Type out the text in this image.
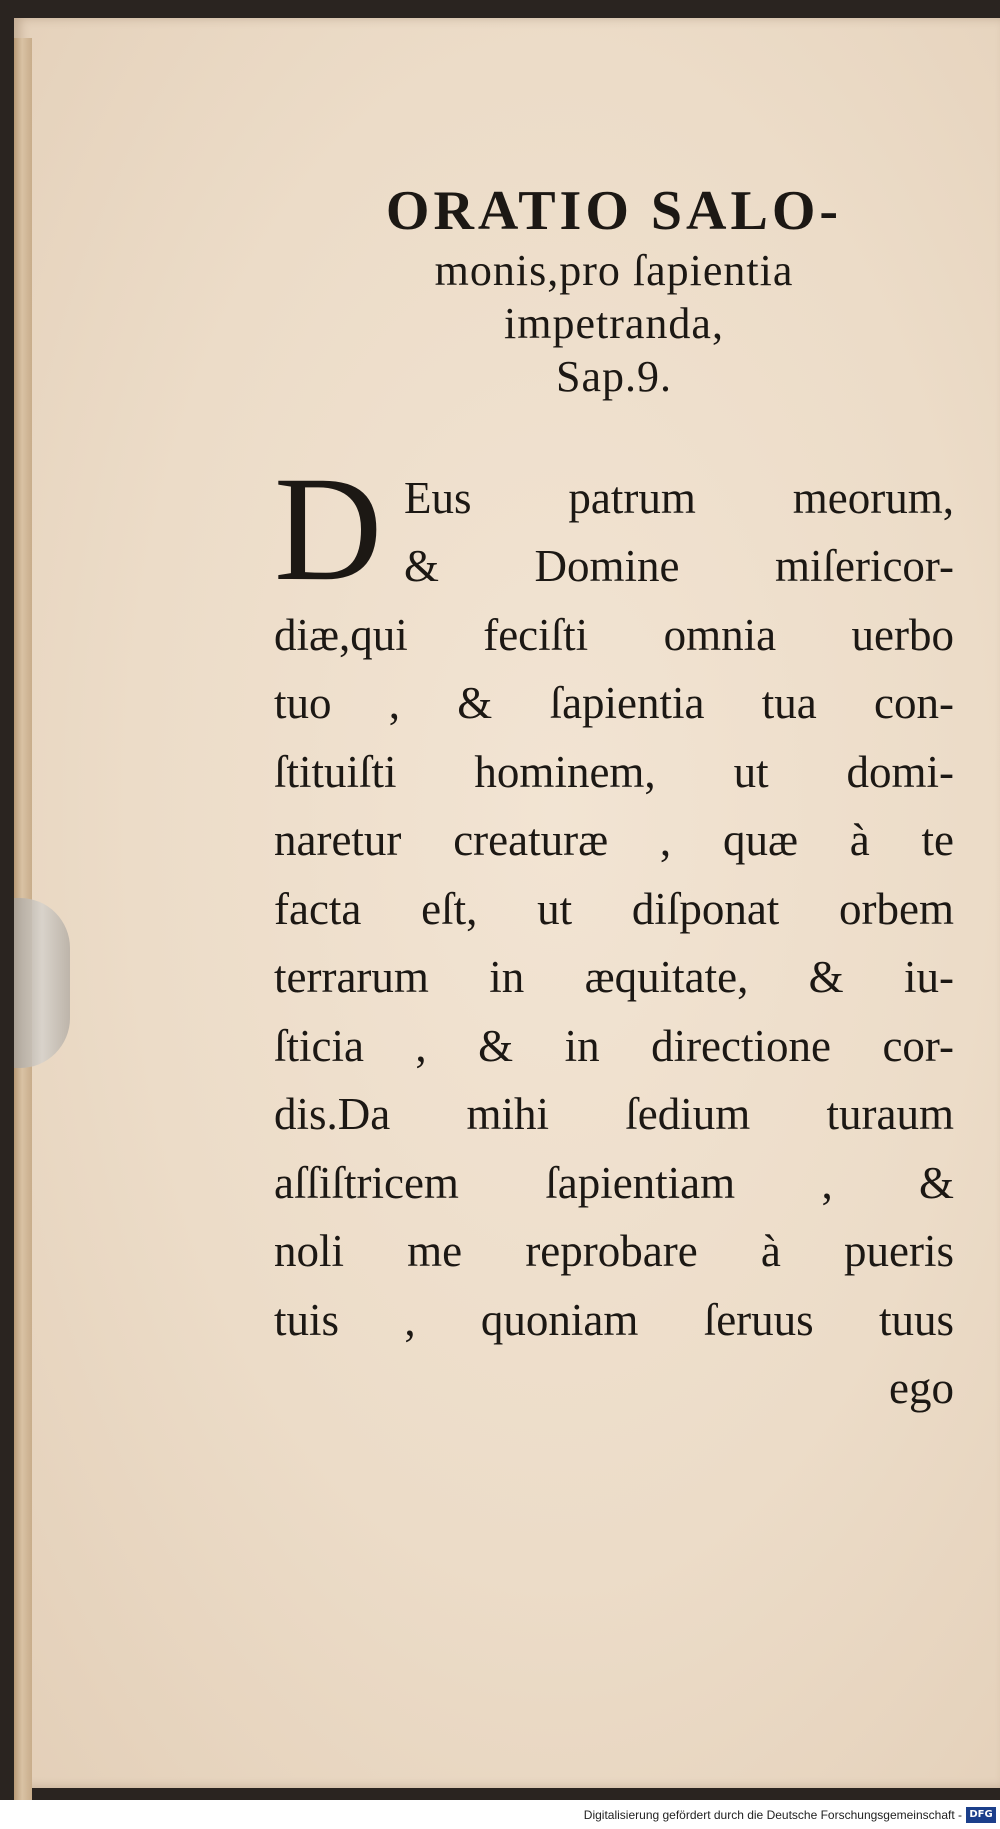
ORATIO SALO-
monis,pro ſapientia
impetranda,
Sap.9.
D Eus patrum meorum,
& Domine miſericor-
diæ,qui feciſti omnia uerbo
tuo , & ſapientia tua con-
ſtituiſti hominem, ut domi-
naretur creaturæ , quæ à te
facta eſt, ut diſponat orbem
terrarum in æquitate, & iu-
ſticia , & in directione cor-
dis.Da mihi ſedium turaum
aſſiſtricem ſapientiam , &
noli me reprobare à pueris
tuis , quoniam ſeruus tuus
ego
Digitalisierung gefördert durch die Deutsche Forschungsgemeinschaft - DFG
